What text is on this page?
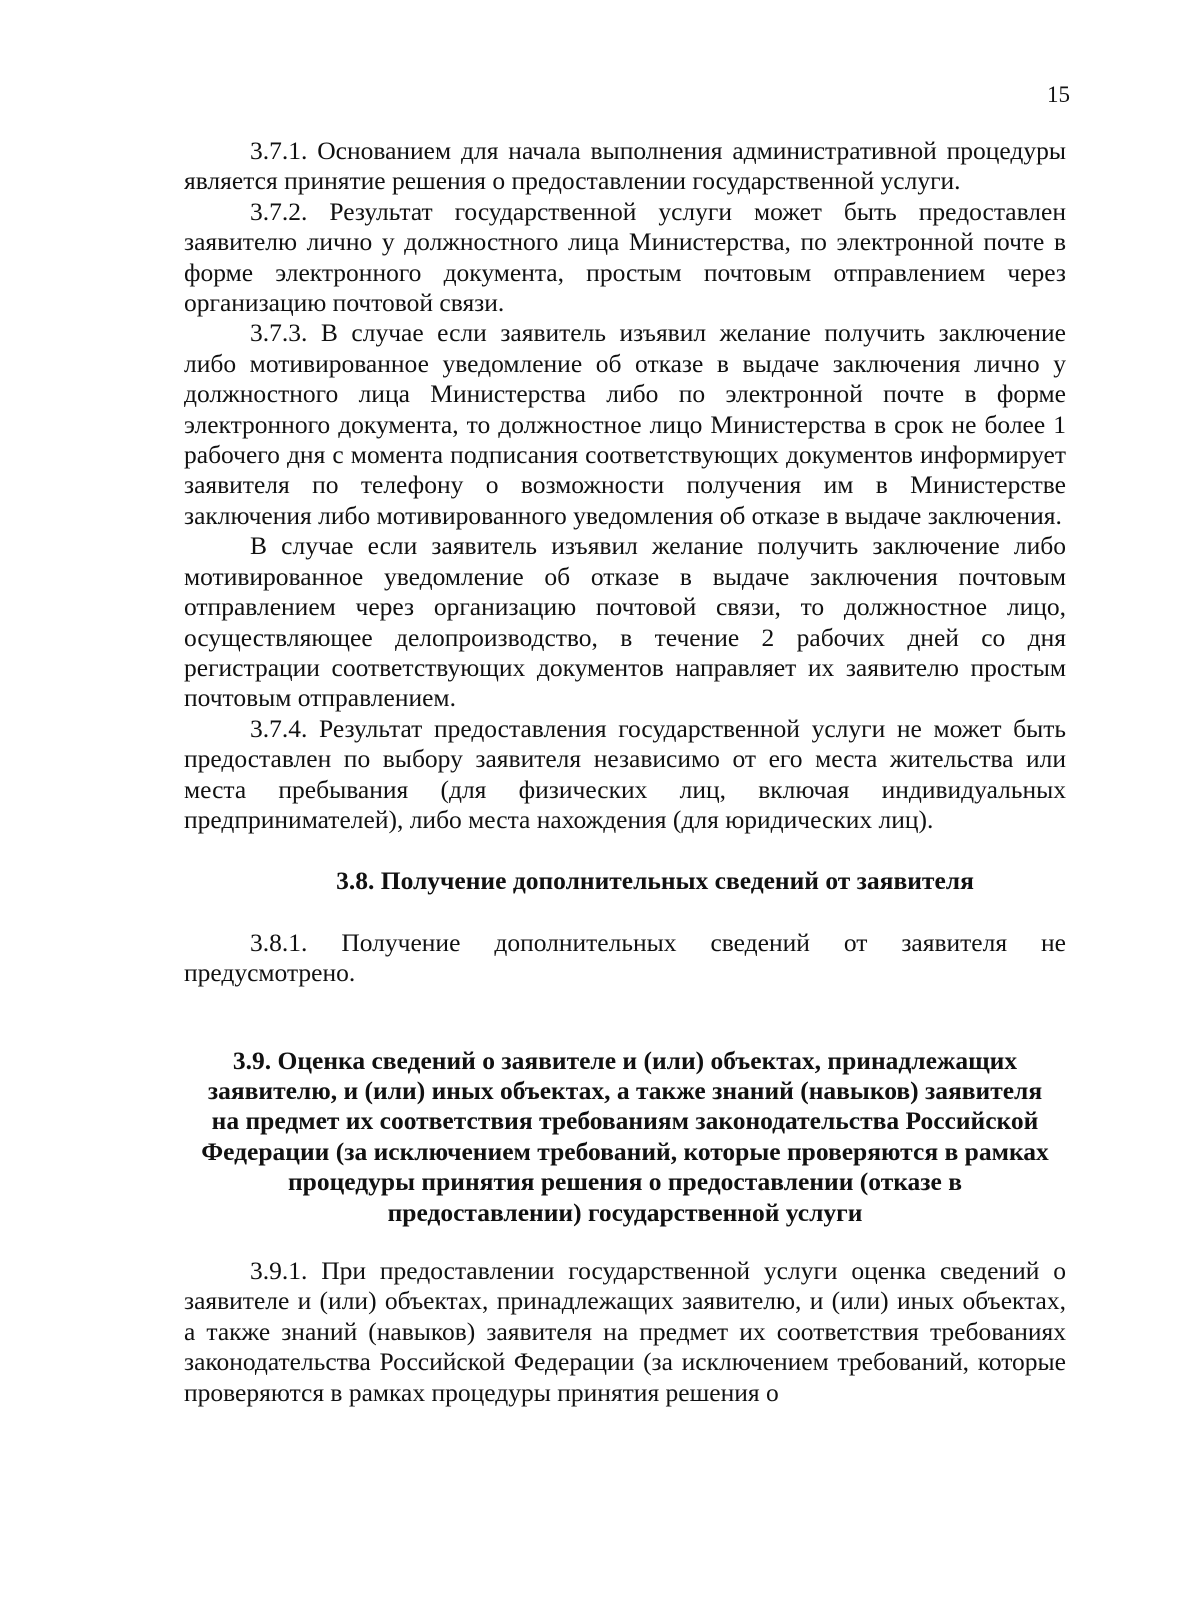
15

3.7.1. Основанием для начала выполнения административной процедуры является принятие решения о предоставлении государственной услуги.

3.7.2. Результат государственной услуги может быть предоставлен заявителю лично у должностного лица Министерства, по электронной почте в форме электронного документа, простым почтовым отправлением через организацию почтовой связи.

3.7.3. В случае если заявитель изъявил желание получить заключение либо мотивированное уведомление об отказе в выдаче заключения лично у должностного лица Министерства либо по электронной почте в форме электронного документа, то должностное лицо Министерства в срок не более 1 рабочего дня с момента подписания соответствующих документов информирует заявителя по телефону о возможности получения им в Министерстве заключения либо мотивированного уведомления об отказе в выдаче заключения.

В случае если заявитель изъявил желание получить заключение либо мотивированное уведомление об отказе в выдаче заключения почтовым отправлением через организацию почтовой связи, то должностное лицо, осуществляющее делопроизводство, в течение 2 рабочих дней со дня регистрации соответствующих документов направляет их заявителю простым почтовым отправлением.

3.7.4. Результат предоставления государственной услуги не может быть предоставлен по выбору заявителя независимо от его места жительства или места пребывания (для физических лиц, включая индивидуальных предпринимателей), либо места нахождения (для юридических лиц).

3.8. Получение дополнительных сведений от заявителя

3.8.1. Получение дополнительных сведений от заявителя не предусмотрено.

3.9. Оценка сведений о заявителе и (или) объектах, принадлежащих
заявителю, и (или) иных объектах, а также знаний (навыков) заявителя
на предмет их соответствия требованиям законодательства Российской
Федерации (за исключением требований, которые проверяются в рамках
процедуры принятия решения о предоставлении (отказе в
предоставлении) государственной услуги

3.9.1. При предоставлении государственной услуги оценка сведений о заявителе и (или) объектах, принадлежащих заявителю, и (или) иных объектах, а также знаний (навыков) заявителя на предмет их соответствия требованиях законодательства Российской Федерации (за исключением требований, которые проверяются в рамках процедуры принятия решения о
